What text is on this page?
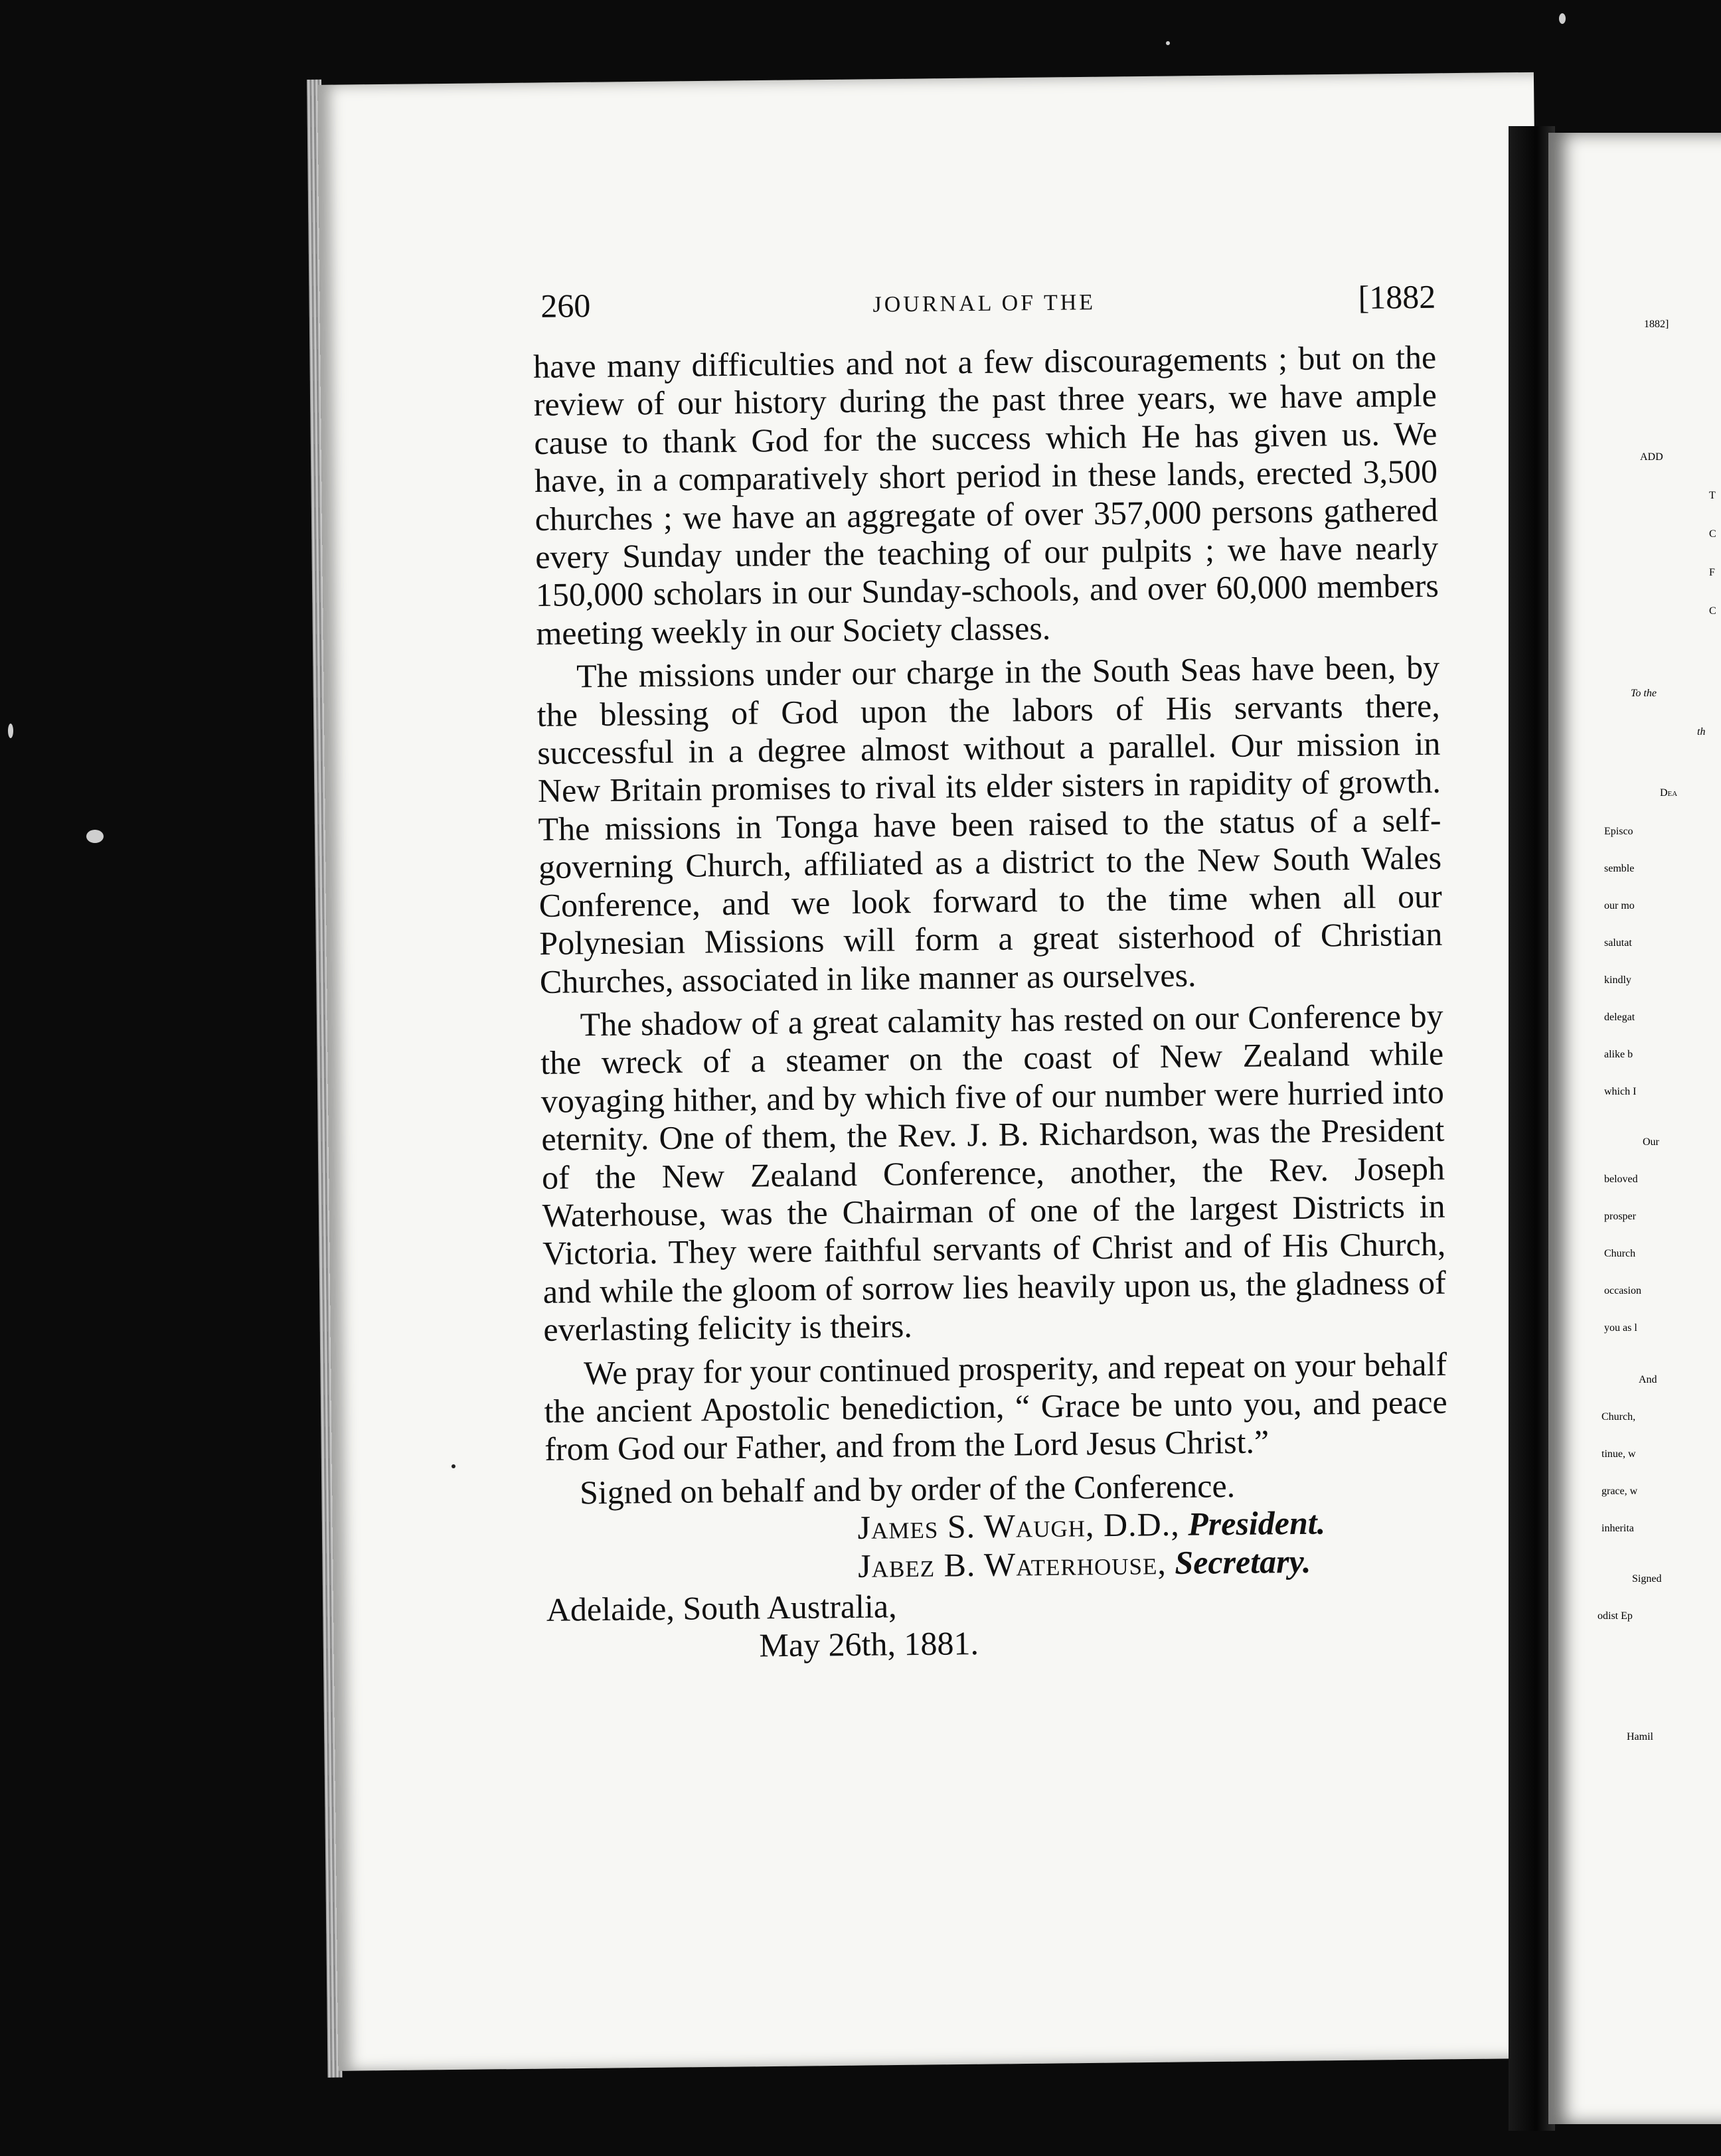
260	JOURNAL OF THE	[1882

have many difficulties and not a few discouragements ; but on the review of our history during the past three years, we have ample cause to thank God for the success which He has given us. We have, in a comparatively short period in these lands, erected 3,500 churches ; we have an aggregate of over 357,000 persons gathered every Sunday under the teaching of our pulpits ; we have nearly 150,000 scholars in our Sunday-schools, and over 60,000 members meeting weekly in our Society classes.

The missions under our charge in the South Seas have been, by the blessing of God upon the labors of His servants there, successful in a degree almost without a parallel. Our mission in New Britain promises to rival its elder sisters in rapidity of growth. The missions in Tonga have been raised to the status of a self-governing Church, affiliated as a district to the New South Wales Conference, and we look forward to the time when all our Polynesian Missions will form a great sisterhood of Christian Churches, associated in like manner as ourselves.

The shadow of a great calamity has rested on our Conference by the wreck of a steamer on the coast of New Zealand while voyaging hither, and by which five of our number were hurried into eternity. One of them, the Rev. J. B. Richardson, was the President of the New Zealand Conference, another, the Rev. Joseph Waterhouse, was the Chairman of one of the largest Districts in Victoria. They were faithful servants of Christ and of His Church, and while the gloom of sorrow lies heavily upon us, the gladness of everlasting felicity is theirs.

We pray for your continued prosperity, and repeat on your behalf the ancient Apostolic benediction, “ Grace be unto you, and peace from God our Father, and from the Lord Jesus Christ.”

Signed on behalf and by order of the Conference.
James S. Waugh, D.D., President.
Jabez B. Waterhouse, Secretary.
Adelaide, South Australia,
May 26th, 1881.
1882]
ADD
T
C
F
C
To the
th
Dea
Episco
semble
our mo
salutat
kindly
delegat
alike b
which I
Our
beloved
prosper
Church
occasion
you as l
And
Church,
tinue, w
grace, w
inherita
Signed
odist Ep
Hamil
